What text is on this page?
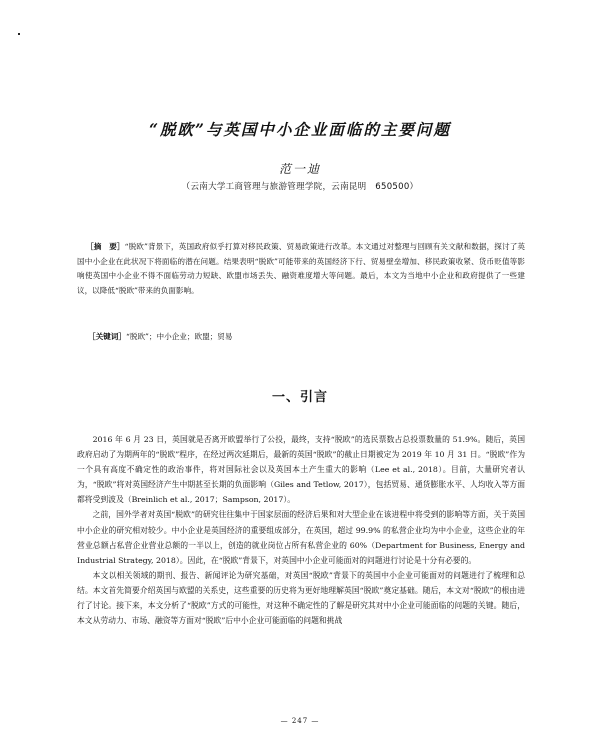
“脱欧”与英国中小企业面临的主要问题
范一迪
（云南大学工商管理与旅游管理学院，云南昆明　650500）
［摘　要］“脱欧”背景下，英国政府似乎打算对移民政策、贸易政策进行改革。本文通过对整理与回顾有关文献和数据，探讨了英国中小企业在此状况下将面临的潜在问题。结果表明“脱欧”可能带来的英国经济下行、贸易壁垒增加、移民政策收紧、货币贬值等影响使英国中小企业不得不面临劳动力短缺、欧盟市场丢失、融资难度增大等问题。最后，本文为当地中小企业和政府提供了一些建议，以降低“脱欧”带来的负面影响。
［关键词］“脱欧”；中小企业；欧盟；贸易
一、引言

2016 年 6 月 23 日，英国就是否离开欧盟举行了公投，最终，支持“脱欧”的选民票数占总投票数量的 51.9%。随后，英国政府启动了为期两年的“脱欧”程序，在经过两次延期后，最新的英国“脱欧”的截止日期被定为 2019 年 10 月 31 日。“脱欧”作为一个具有高度不确定性的政治事件，将对国际社会以及英国本土产生重大的影响（Lee et al., 2018）。目前，大量研究者认为，“脱欧”将对英国经济产生中期甚至长期的负面影响（Giles and Tetlow, 2017），包括贸易、通货膨胀水平、人均收入等方面都将受到波及（Breinlich et al., 2017；Sampson, 2017）。

之前，国外学者对英国“脱欧”的研究往往集中于国家层面的经济后果和对大型企业在该进程中将受到的影响等方面，关于英国中小企业的研究相对较少。中小企业是英国经济的重要组成部分，在英国，超过 99.9% 的私营企业均为中小企业，这些企业的年营业总额占私营企业营业总额的一半以上，创造的就业岗位占所有私营企业的 60%（Department for Business, Energy and Industrial Strategy, 2018）。因此，在“脱欧”背景下，对英国中小企业可能面对的问题进行讨论是十分有必要的。

本文以相关领域的期刊、报告、新闻评论为研究基础，对英国“脱欧”背景下的英国中小企业可能面对的问题进行了梳理和总结。本文首先简要介绍英国与欧盟的关系史，这些重要的历史将为更好地理解英国“脱欧”奠定基础。随后，本文对“脱欧”的根由进行了讨论。接下来，本文分析了“脱欧”方式的可能性，对这种不确定性的了解是研究其对中小企业可能面临的问题的关键。随后，本文从劳动力、市场、融资等方面对“脱欧”后中小企业可能面临的问题和挑战

— 247 —
